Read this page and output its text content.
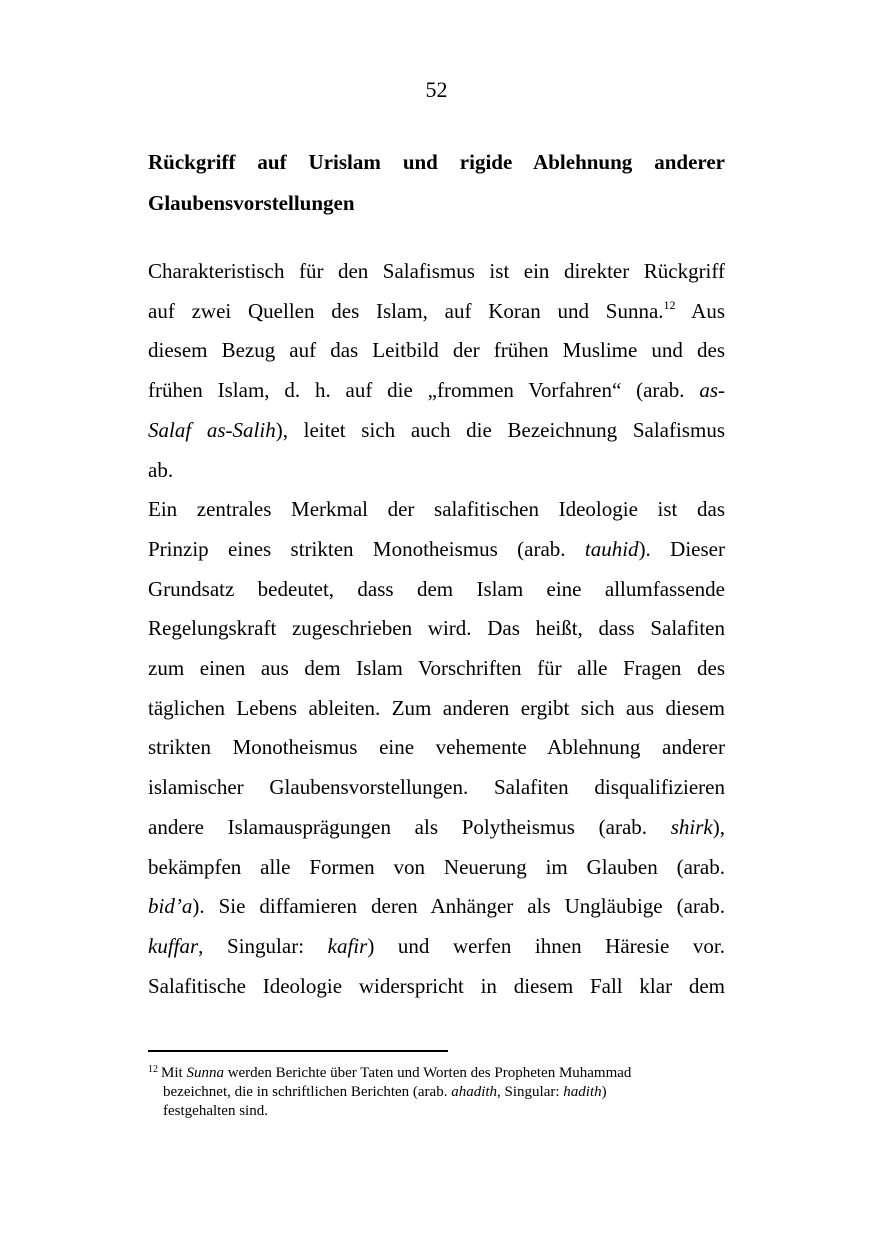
52
Rückgriff auf Urislam und rigide Ablehnung anderer
Glaubensvorstellungen
Charakteristisch für den Salafismus ist ein direkter Rückgriff
auf zwei Quellen des Islam, auf Koran und Sunna.$^{12}$ Aus
diesem Bezug auf das Leitbild der frühen Muslime und des
frühen Islam, d. h. auf die „frommen Vorfahren“ (arab. as-
Salaf as-Salih), leitet sich auch die Bezeichnung Salafismus
ab.
Ein zentrales Merkmal der salafitischen Ideologie ist das
Prinzip eines strikten Monotheismus (arab. tauhid). Dieser
Grundsatz bedeutet, dass dem Islam eine allumfassende
Regelungskraft zugeschrieben wird. Das heißt, dass Salafiten
zum einen aus dem Islam Vorschriften für alle Fragen des
täglichen Lebens ableiten. Zum anderen ergibt sich aus diesem
strikten Monotheismus eine vehemente Ablehnung anderer
islamischer Glaubensvorstellungen. Salafiten disqualifizieren
andere Islamausprägungen als Polytheismus (arab. shirk),
bekämpfen alle Formen von Neuerung im Glauben (arab.
bid’a). Sie diffamieren deren Anhänger als Ungläubige (arab.
kuffar, Singular: kafir) und werfen ihnen Häresie vor.
Salafitische Ideologie widerspricht in diesem Fall klar dem
$^{12}$ Mit Sunna werden Berichte über Taten und Worten des Propheten Muhammad
bezeichnet, die in schriftlichen Berichten (arab. ahadith, Singular: hadith)
festgehalten sind.
